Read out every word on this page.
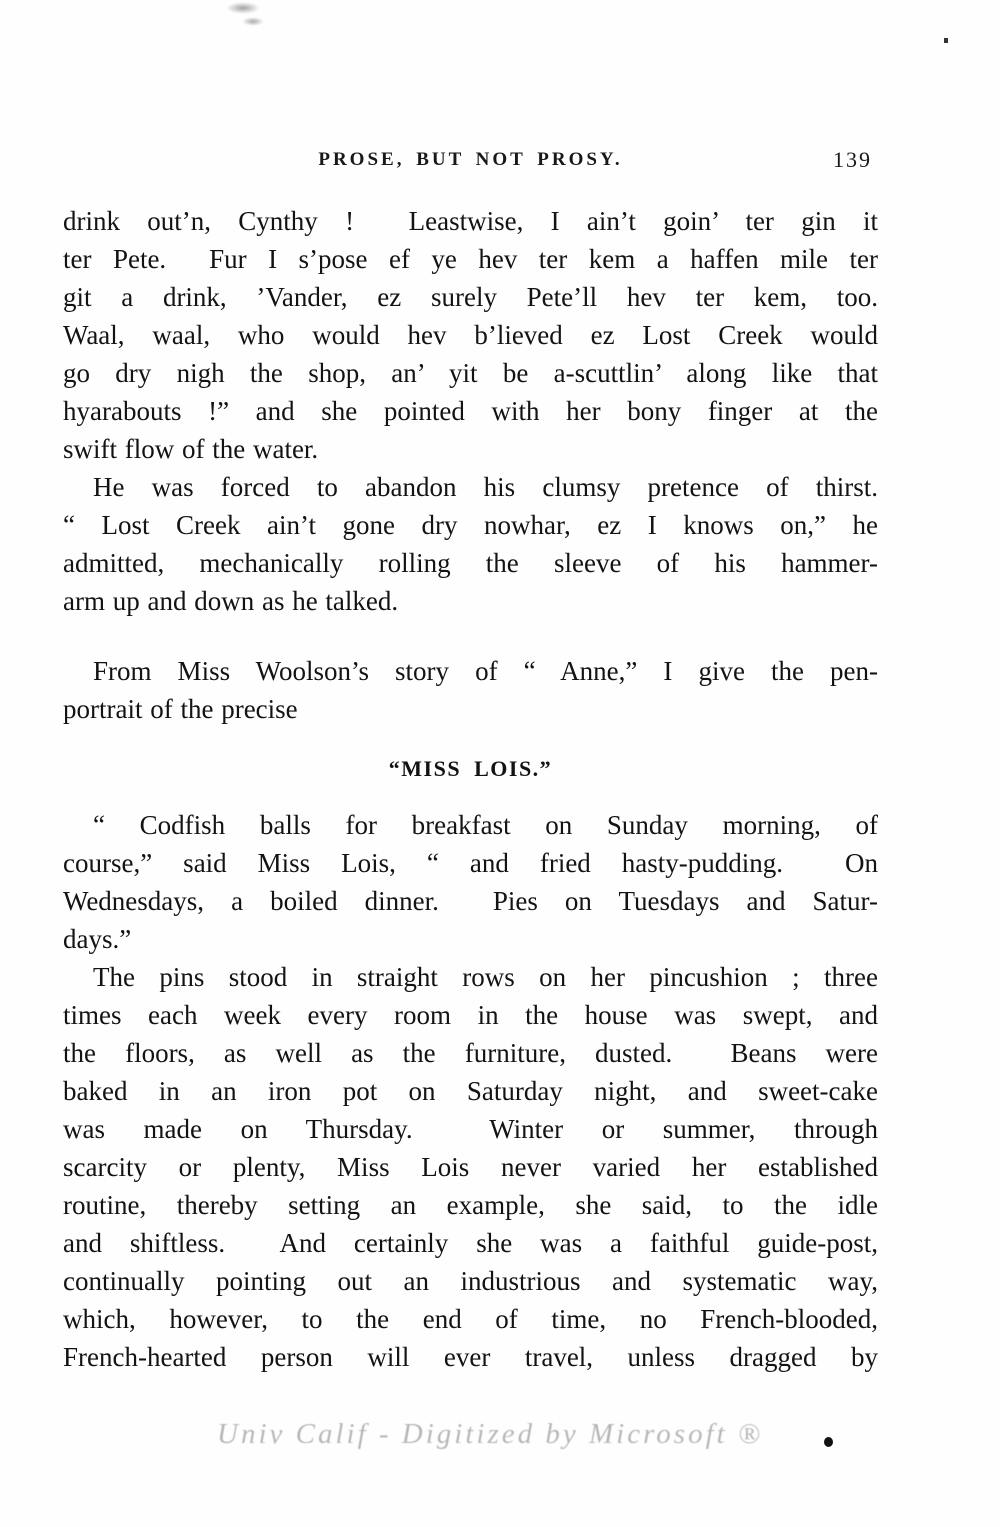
PROSE, BUT NOT PROSY.	139
drink out’n, Cynthy !  Leastwise, I ain’t goin’ ter gin it
ter Pete.  Fur I s’pose ef ye hev ter kem a haffen mile ter
git a drink, ’Vander, ez surely Pete’ll hev ter kem, too.
Waal, waal, who would hev b’lieved ez Lost Creek would
go dry nigh the shop, an’ yit be a-scuttlin’ along like that
hyarabouts !” and she pointed with her bony finger at the
swift flow of the water.
He was forced to abandon his clumsy pretence of thirst.
“ Lost Creek ain’t gone dry nowhar, ez I knows on,” he
admitted, mechanically rolling the sleeve of his hammer-
arm up and down as he talked.
From Miss Woolson’s story of “ Anne,” I give the pen-
portrait of the precise
“MISS LOIS.”
“ Codfish balls for breakfast on Sunday morning, of
course,” said Miss Lois, “ and fried hasty-pudding.  On
Wednesdays, a boiled dinner.  Pies on Tuesdays and Satur-
days.”
The pins stood in straight rows on her pincushion ; three
times each week every room in the house was swept, and
the floors, as well as the furniture, dusted.  Beans were
baked in an iron pot on Saturday night, and sweet-cake
was made on Thursday.  Winter or summer, through
scarcity or plenty, Miss Lois never varied her established
routine, thereby setting an example, she said, to the idle
and shiftless.  And certainly she was a faithful guide-post,
continually pointing out an industrious and systematic way,
which, however, to the end of time, no French-blooded,
French-hearted person will ever travel, unless dragged by
Univ Calif - Digitized by Microsoft ®
